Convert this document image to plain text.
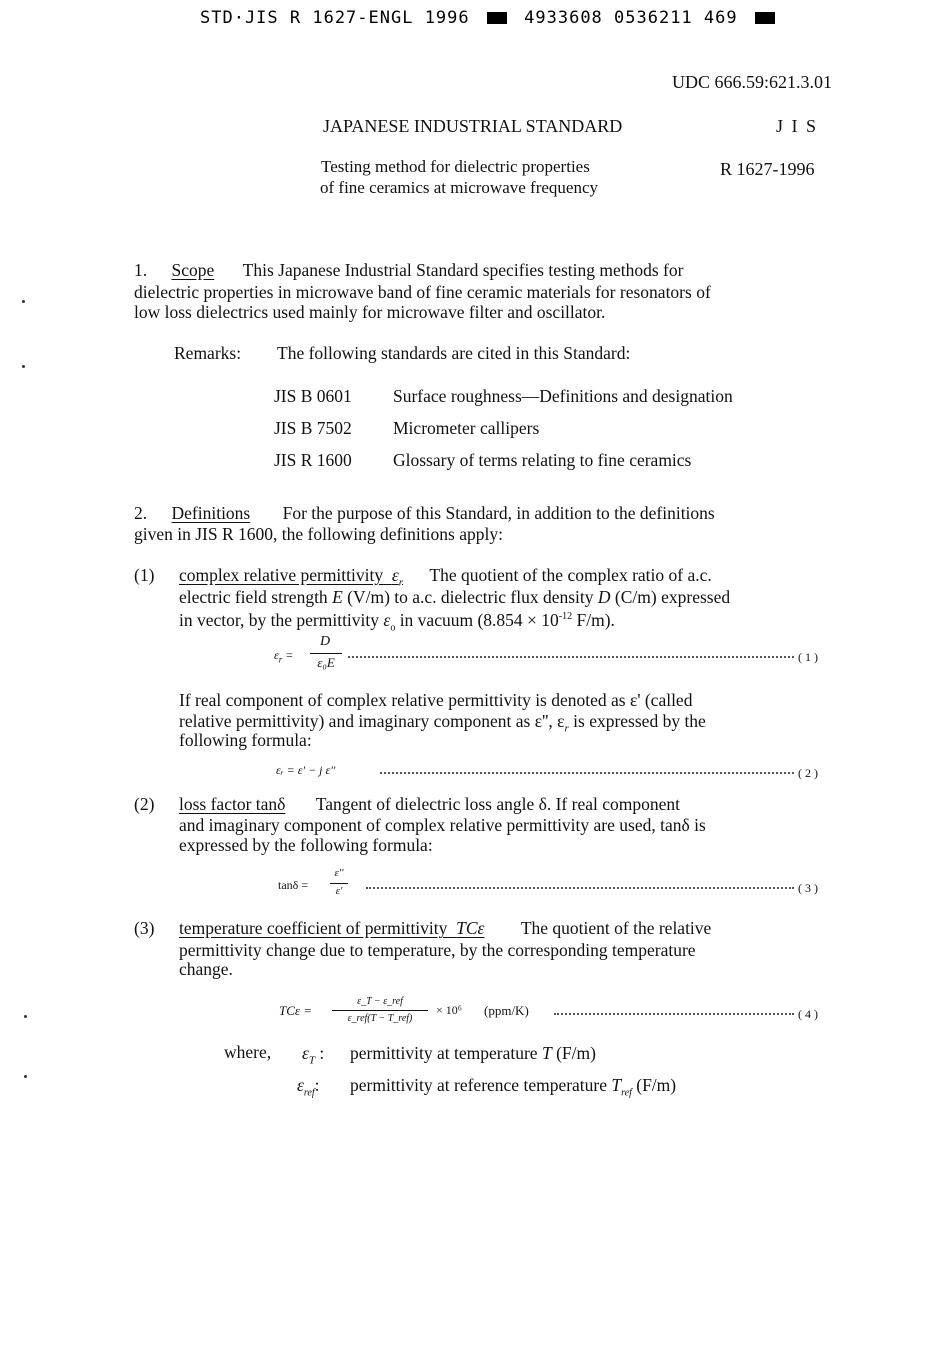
STD·JIS R 1627-ENGL 1996	4933608 0536211 469
UDC 666.59:621.3.01
JAPANESE INDUSTRIAL STANDARD	J I S
Testing method for dielectric properties
of fine ceramics at microwave frequency
R 1627-1996
1. Scope This Japanese Industrial Standard specifies testing methods for
dielectric properties in microwave band of fine ceramic materials for resonators of
low loss dielectrics used mainly for microwave filter and oscillator.
Remarks: The following standards are cited in this Standard:
JIS B 0601 Surface roughness—Definitions and designation
JIS B 7502 Micrometer callipers
JIS R 1600 Glossary of terms relating to fine ceramics
2. Definitions For the purpose of this Standard, in addition to the definitions
given in JIS R 1600, the following definitions apply:
(1) complex relative permittivity $\varepsilon_r$ The quotient of the complex ratio of a.c.
electric field strength E (V/m) to a.c. dielectric flux density D (C/m) expressed
in vector, by the permittivity $\varepsilon_o$ in vacuum ($8.854 \times 10^{-12}$ F/m).
$\varepsilon_r$ =
D
ε₀E	( 1 )
If real component of complex relative permittivity is denoted as ε' (called
relative permittivity) and imaginary component as ε'', $\varepsilon_r$ is expressed by the
following formula:
εᵣ = ε' − j ε''	( 2 )
(2) loss factor tanδ Tangent of dielectric loss angle δ. If real component
and imaginary component of complex relative permittivity are used, tanδ is
expressed by the following formula:
tanδ =
ε''
ε'	( 3 )
(3) temperature coefficient of permittivity TCε The quotient of the relative
permittivity change due to temperature, by the corresponding temperature
change.
TCε =
ε_T − ε_ref
ε_ref(T − T_ref)
× 10⁶ (ppm/K)	( 4 )
where, $\varepsilon_T$ : permittivity at temperature T (F/m)
$\varepsilon_{ref}$: permittivity at reference temperature $T_{ref}$ (F/m)
